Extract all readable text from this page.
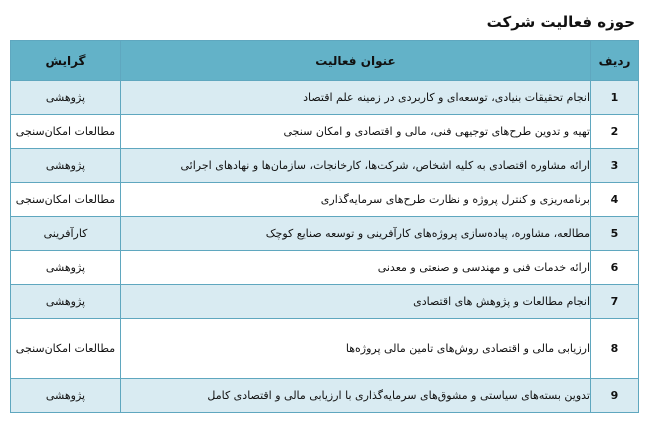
حوزه فعالیت شرکت
ردیف	عنوان فعالیت	گرایش
1	انجام تحقیقات بنیادی، توسعه‌ای و کاربردی در زمینه علم اقتصاد	پژوهشی
2	تهیه و تدوین طرح‌های توجیهی فنی، مالی و اقتصادی و امکان سنجی	مطالعات امکان‌سنجی
3	ارائه مشاوره اقتصادی به کلیه اشخاص، شرکت‌ها، کارخانجات، سازمان‌ها و نهادهای اجرائی	پژوهشی
4	برنامه‌ریزی و کنترل پروژه و نظارت طرح‌های سرمایه‌گذاری	مطالعات امکان‌سنجی
5	مطالعه، مشاوره، پیاده‌سازی پروژه‌های کارآفرینی و توسعه صنایع کوچک	کارآفرینی
6	ارائه خدمات فنی و مهندسی و صنعتی و معدنی	پژوهشی
7	انجام مطالعات و پژوهش های اقتصادی	پژوهشی
8	ارزیابی مالی و اقتصادی روش‌های تامین مالی پروژه‌ها	مطالعات امکان‌سنجی
9	تدوین بسته‌های سیاستی و مشوق‌های سرمایه‌گذاری با ارزیابی مالی و اقتصادی کامل	پژوهشی
